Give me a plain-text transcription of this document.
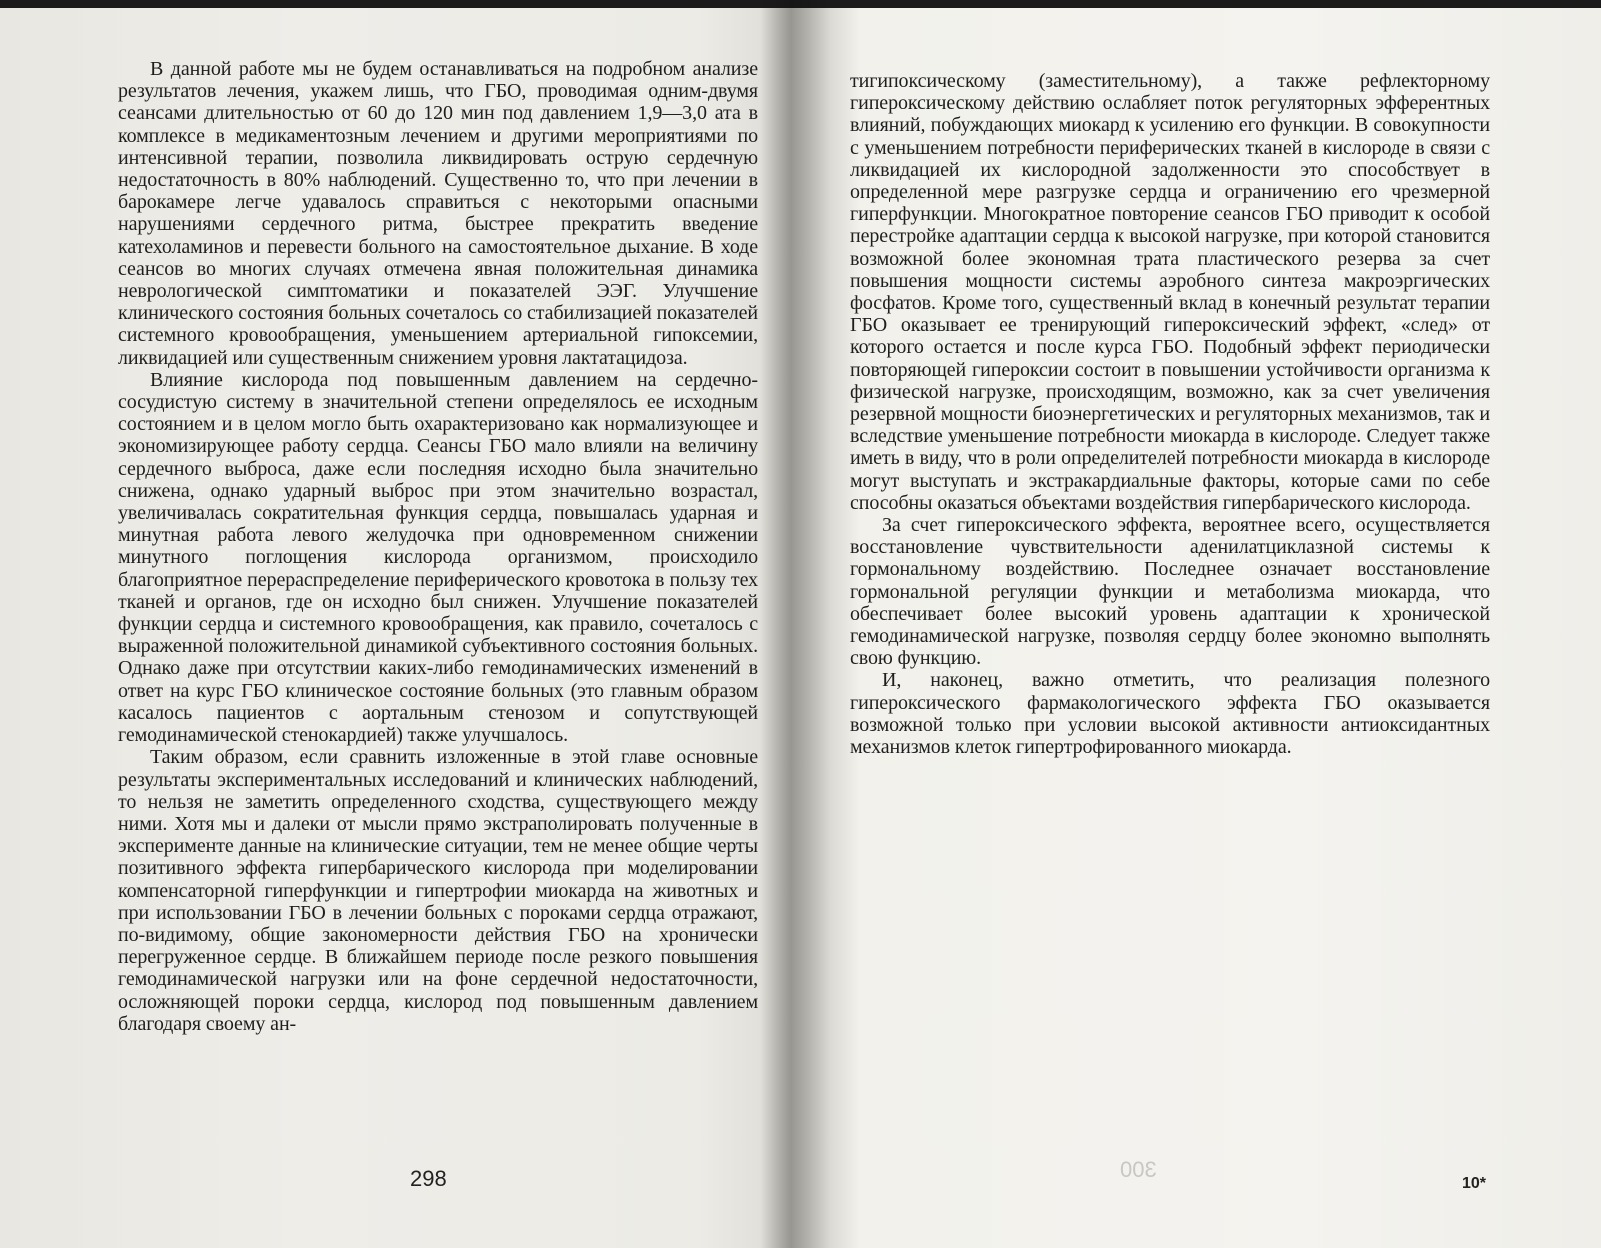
В данной работе мы не будем останавливаться на подробном анализе результатов лечения, укажем лишь, что ГБО, проводимая одним-двумя сеансами длительностью от 60 до 120 мин под давлением 1,9—3,0 ата в комплексе в медикаментозным лечением и другими мероприятиями по интенсивной терапии, позволила ликвидировать острую сердечную недостаточность в 80% наблюдений. Существенно то, что при лечении в барокамере легче удавалось справиться с некоторыми опасными нарушениями сердечного ритма, быстрее прекратить введение катехоламинов и перевести больного на самостоятельное дыхание. В ходе сеансов во многих случаях отмечена явная положительная динамика неврологической симптоматики и показателей ЭЭГ. Улучшение клинического состояния больных сочеталось со стабилизацией показателей системного кровообращения, уменьшением артериальной гипоксемии, ликвидацией или существенным снижением уровня лактатацидоза.

Влияние кислорода под повышенным давлением на сердечно-сосудистую систему в значительной степени определялось ее исходным состоянием и в целом могло быть охарактеризовано как нормализующее и экономизирующее работу сердца. Сеансы ГБО мало влияли на величину сердечного выброса, даже если последняя исходно была значительно снижена, однако ударный выброс при этом значительно возрастал, увеличивалась сократительная функция сердца, повышалась ударная и минутная работа левого желудочка при одновременном снижении минутного поглощения кислорода организмом, происходило благоприятное перераспределение периферического кровотока в пользу тех тканей и органов, где он исходно был снижен. Улучшение показателей функции сердца и системного кровообращения, как правило, сочеталось с выраженной положительной динамикой субъективного состояния больных. Однако даже при отсутствии каких-либо гемодинамических изменений в ответ на курс ГБО клиническое состояние больных (это главным образом касалось пациентов с аортальным стенозом и сопутствующей гемодинамической стенокардией) также улучшалось.

Таким образом, если сравнить изложенные в этой главе основные результаты экспериментальных исследований и клинических наблюдений, то нельзя не заметить определенного сходства, существующего между ними. Хотя мы и далеки от мысли прямо экстраполировать полученные в эксперименте данные на клинические ситуации, тем не менее общие черты позитивного эффекта гипербарического кислорода при моделировании компенсаторной гиперфункции и гипертрофии миокарда на животных и при использовании ГБО в лечении больных с пороками сердца отражают, по-видимому, общие закономерности действия ГБО на хронически перегруженное сердце. В ближайшем периоде после резкого повышения гемодинамической нагрузки или на фоне сердечной недостаточности, осложняющей пороки сердца, кислород под повышенным давлением благодаря своему ан-

тигипоксическому (заместительному), а также рефлекторному гипероксическому действию ослабляет поток регуляторных эфферентных влияний, побуждающих миокард к усилению его функции. В совокупности с уменьшением потребности периферических тканей в кислороде в связи с ликвидацией их кислородной задолженности это способствует в определенной мере разгрузке сердца и ограничению его чрезмерной гиперфункции. Многократное повторение сеансов ГБО приводит к особой перестройке адаптации сердца к высокой нагрузке, при которой становится возможной более экономная трата пластического резерва за счет повышения мощности системы аэробного синтеза макроэргических фосфатов. Кроме того, существенный вклад в конечный результат терапии ГБО оказывает ее тренирующий гипероксический эффект, «след» от которого остается и после курса ГБО. Подобный эффект периодически повторяющей гипероксии состоит в повышении устойчивости организма к физической нагрузке, происходящим, возможно, как за счет увеличения резервной мощности биоэнергетических и регуляторных механизмов, так и вследствие уменьшение потребности миокарда в кислороде. Следует также иметь в виду, что в роли определителей потребности миокарда в кислороде могут выступать и экстракардиальные факторы, которые сами по себе способны оказаться объектами воздействия гипербарического кислорода.

За счет гипероксического эффекта, вероятнее всего, осуществляется восстановление чувствительности аденилатциклазной системы к гормональному воздействию. Последнее означает восстановление гормональной регуляции функции и метаболизма миокарда, что обеспечивает более высокий уровень адаптации к хронической гемодинамической нагрузке, позволяя сердцу более экономно выполнять свою функцию.

И, наконец, важно отметить, что реализация полезного гипероксического фармакологического эффекта ГБО оказывается возможной только при условии высокой активности антиоксидантных механизмов клеток гипертрофированного миокарда.

298	300
10*
